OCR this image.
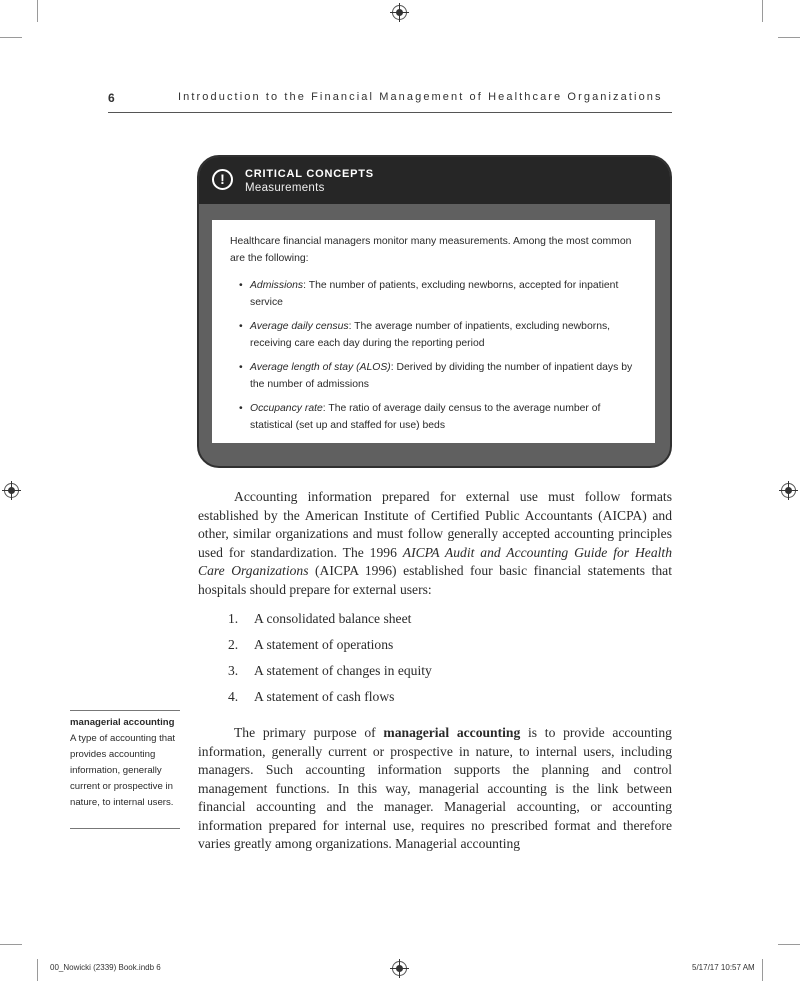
6	Introduction to the Financial Management of Healthcare Organizations
!	CRITICAL CONCEPTS
Measurements

Healthcare financial managers monitor many measurements. Among the most common are the following:

• Admissions: The number of patients, excluding newborns, accepted for inpatient service
• Average daily census: The average number of inpatients, excluding newborns, receiving care each day during the reporting period
• Average length of stay (ALOS): Derived by dividing the number of inpatient days by the number of admissions
• Occupancy rate: The ratio of average daily census to the average number of statistical (set up and staffed for use) beds
Accounting information prepared for external use must follow formats established by the American Institute of Certified Public Accountants (AICPA) and other, similar organizations and must follow generally accepted accounting principles used for standardization. The 1996 AICPA Audit and Accounting Guide for Health Care Organizations (AICPA 1996) established four basic financial statements that hospitals should prepare for external users:
1. A consolidated balance sheet
2. A statement of operations
3. A statement of changes in equity
4. A statement of cash flows
managerial accounting
A type of accounting that provides accounting information, generally current or prospective in nature, to internal users.
The primary purpose of managerial accounting is to provide accounting information, generally current or prospective in nature, to internal users, including managers. Such accounting information supports the planning and control management functions. In this way, managerial accounting is the link between financial accounting and the manager. Managerial accounting, or accounting information prepared for internal use, requires no prescribed format and therefore varies greatly among organizations. Managerial accounting
00_Nowicki (2339) Book.indb 6	5/17/17 10:57 AM
